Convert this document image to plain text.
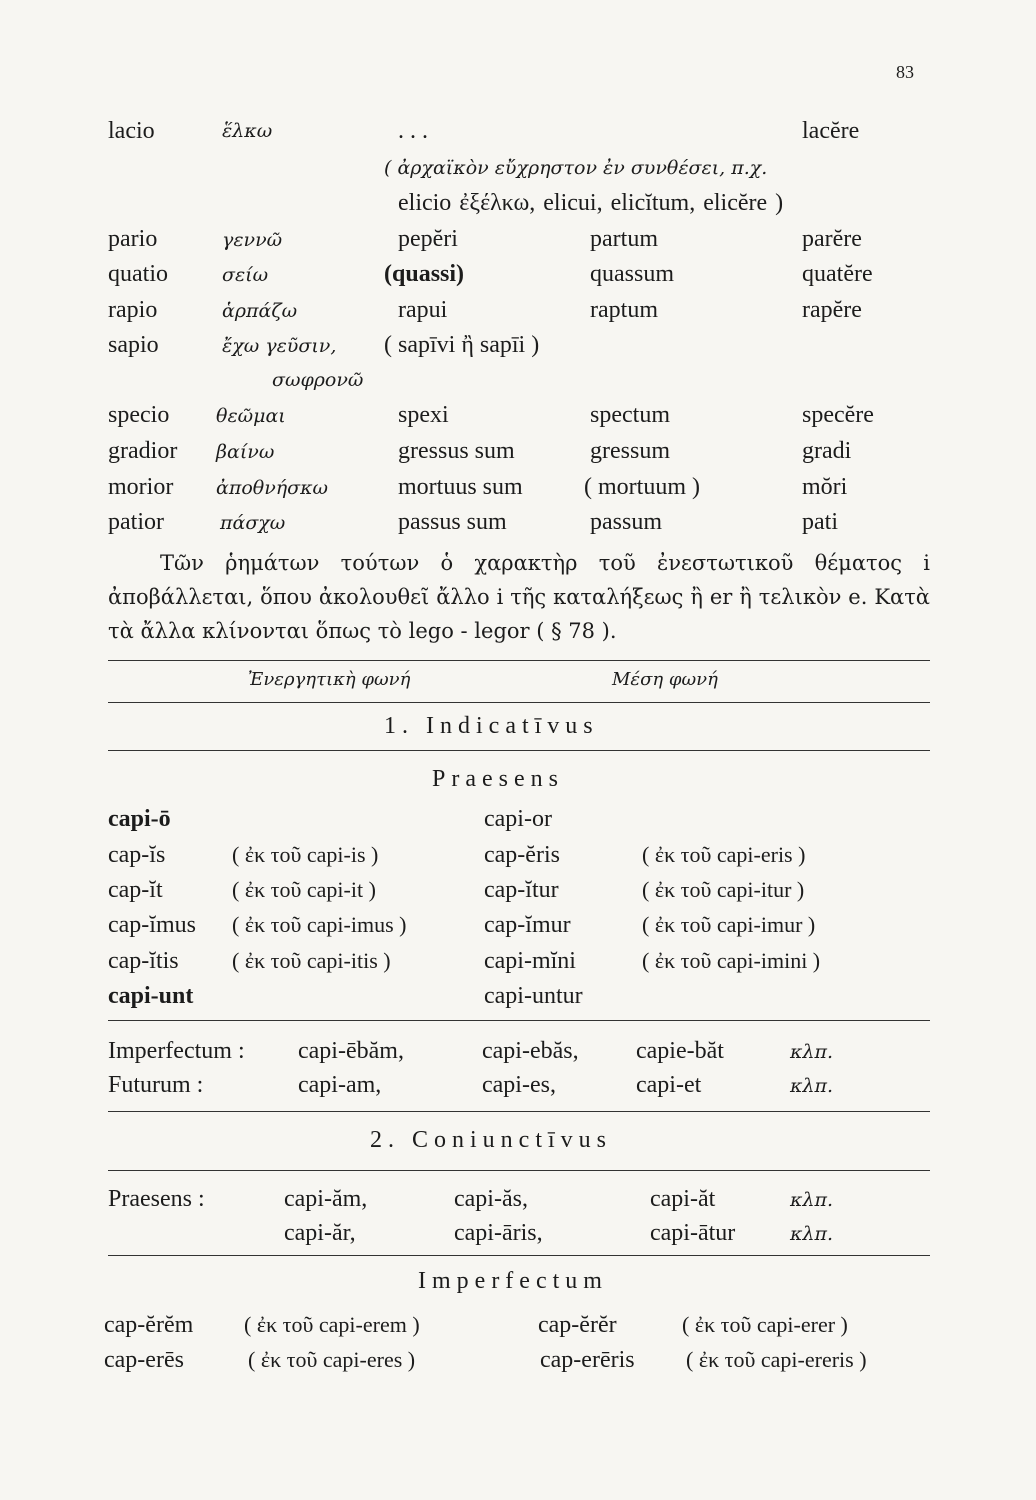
83
lacio	ἕλκω	. . .	lacĕre
( ἀρχαϊκὸν εὔχρηστον ἐν συνθέσει, π.χ.
elicio ἐξέλκω, elicui, elicĭtum, elicĕre )
pario	γεννῶ	pepĕri	partum	parĕre
quatio	σείω	(quassi)	quassum	quatĕre
rapio	ἁρπάζω	rapui	raptum	rapĕre
sapio	ἔχω γεῦσιν, ( sapīvi ἢ sapīi )
σωφρονῶ
specio θεῶμαι	spexi	spectum	specĕre
gradior βαίνω	gressus sum	gressum	gradi
morior ἀποθνήσκω	mortuus sum	( mortuum )	mŏri
patior	πάσχω	passus sum	passum	pati
Τῶν ῥημάτων τούτων ὁ χαρακτὴρ τοῦ ἐνεστωτικοῦ θέματος i ἀποβάλλεται, ὅπου ἀκολουθεῖ ἄλλο i τῆς καταλήξεως ἢ er ἢ τελικὸν e. Κατὰ τὰ ἄλλα κλίνονται ὅπως τὸ lego - legor ( § 78 ).
Ἐνεργητικὴ φωνή	Μέση φωνή
1. Indicatīvus
Praesens
capi-ō	capi-or
cap-ĭs	( ἐκ τοῦ capi-is )	cap-ĕris	( ἐκ τοῦ capi-eris )
cap-ĭt	( ἐκ τοῦ capi-it )	cap-ĭtur	( ἐκ τοῦ capi-itur )
cap-ĭmus ( ἐκ τοῦ capi-imus )	cap-ĭmur	( ἐκ τοῦ capi-imur )
cap-ĭtis ( ἐκ τοῦ capi-itis )	capi-mĭni	( ἐκ τοῦ capi-imini )
capi-unt	capi-untur
Imperfectum : capi-ēbăm,	capi-ebăs, capie-băt	κλπ.
Futurum :	capi-am,	capi-es,	capi-et	κλπ.
2. Coniunctīvus
Praesens :	capi-ăm,	capi-ăs,	capi-ăt	κλπ.
capi-ăr,	capi-āris,	capi-ātur	κλπ.
Imperfectum
cap-ĕrĕm ( ἐκ τοῦ capi-erem )	cap-ĕrĕr	( ἐκ τοῦ capi-erer )
cap-erēs	( ἐκ τοῦ capi-eres )	cap-erēris ( ἐκ τοῦ capi-ereris )
